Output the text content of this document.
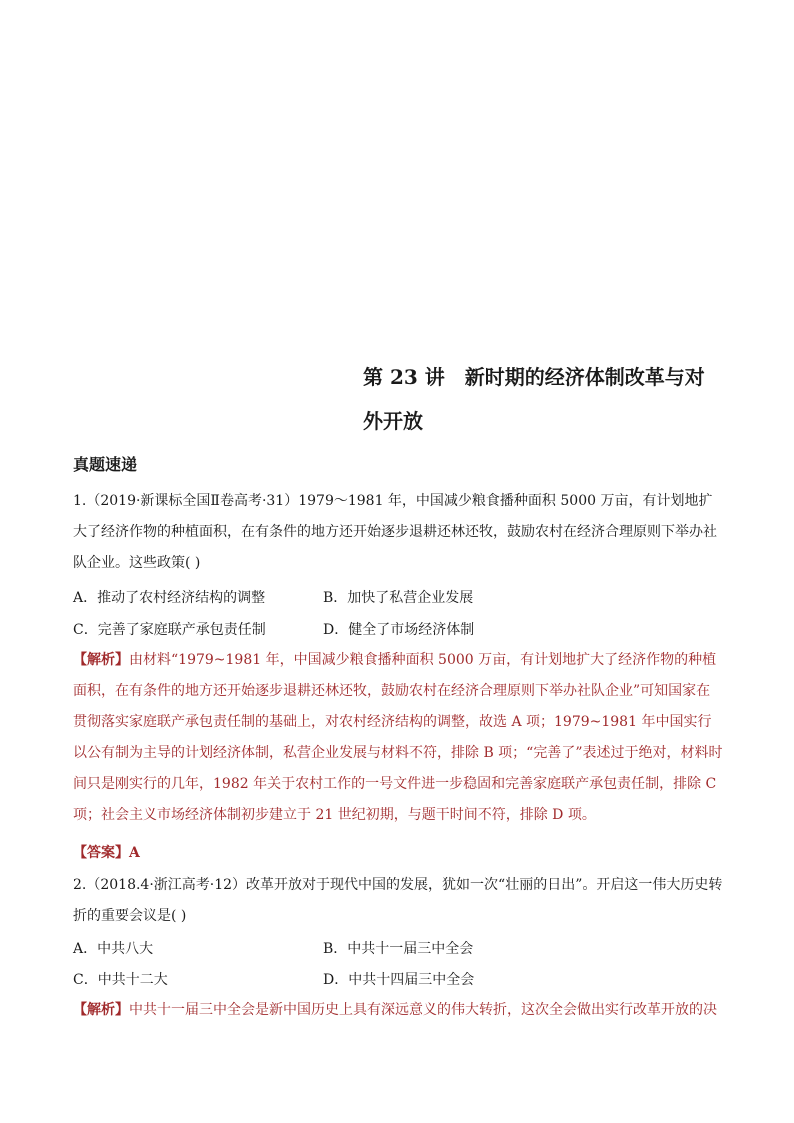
第 23 讲　新时期的经济体制改革与对
外开放
真题速递
1.（2019·新课标全国Ⅱ卷高考·31）1979～1981 年，中国减少粮食播种面积 5000 万亩，有计划地扩大了经济作物的种植面积，在有条件的地方还开始逐步退耕还林还牧，鼓励农村在经济合理原则下举办社队企业。这些政策( )
A．推动了农村经济结构的调整	B．加快了私营企业发展
C．完善了家庭联产承包责任制	D．健全了市场经济体制
【解析】由材料“1979~1981 年，中国减少粮食播种面积 5000 万亩，有计划地扩大了经济作物的种植面积，在有条件的地方还开始逐步退耕还林还牧，鼓励农村在经济合理原则下举办社队企业”可知国家在贯彻落实家庭联产承包责任制的基础上，对农村经济结构的调整，故选 A 项；1979~1981 年中国实行以公有制为主导的计划经济体制，私营企业发展与材料不符，排除 B 项；“完善了”表述过于绝对，材料时间只是刚实行的几年，1982 年关于农村工作的一号文件进一步稳固和完善家庭联产承包责任制，排除 C 项；社会主义市场经济体制初步建立于 21 世纪初期，与题干时间不符，排除 D 项。
【答案】A
2.（2018.4·浙江高考·12）改革开放对于现代中国的发展，犹如一次“壮丽的日出”。开启这一伟大历史转折的重要会议是( )
A．中共八大	B．中共十一届三中全会
C．中共十二大	D．中共十四届三中全会
【解析】中共十一届三中全会是新中国历史上具有深远意义的伟大转折，这次全会做出实行改革开放的决
